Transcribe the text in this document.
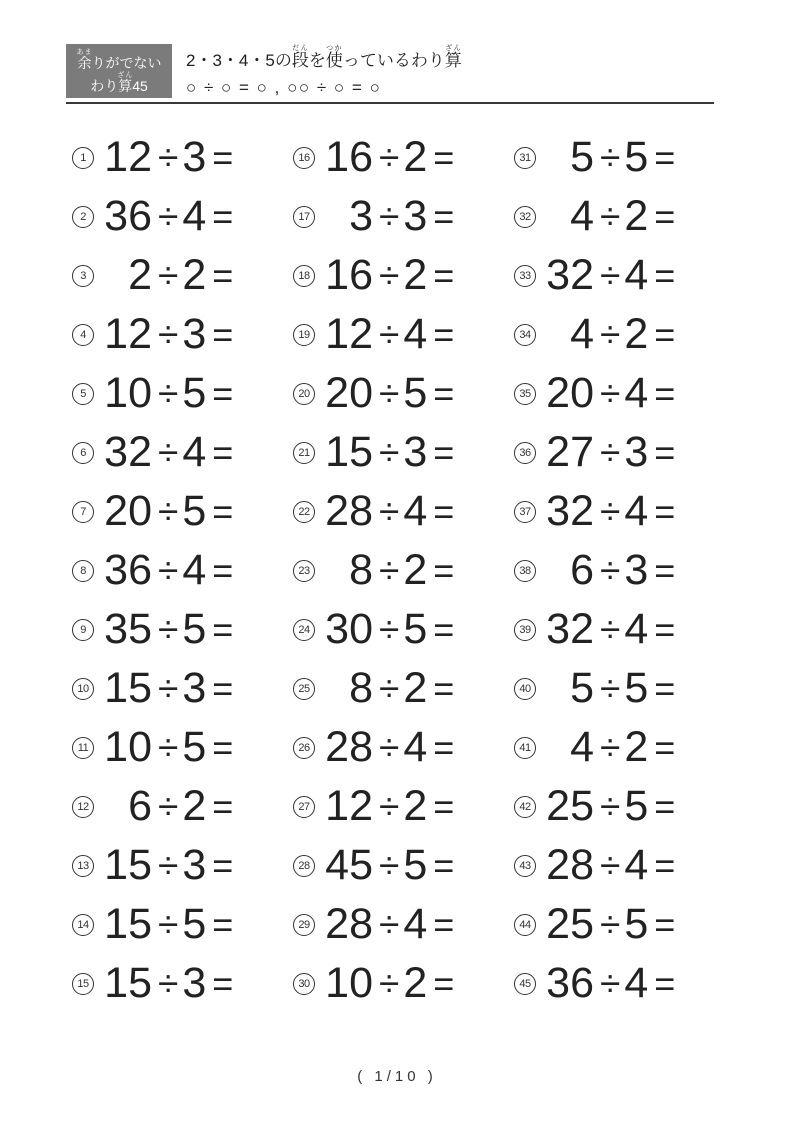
余あまりがでない
わり算ざん45
2・3・4・5の段だんを使つかっているわり算ざん
○ ÷ ○ = ○ , ○○ ÷ ○ = ○
1 12 ÷ 3 =
2 36 ÷ 4 =
3 2 ÷ 2 =
4 12 ÷ 3 =
5 10 ÷ 5 =
6 32 ÷ 4 =
7 20 ÷ 5 =
8 36 ÷ 4 =
9 35 ÷ 5 =
10 15 ÷ 3 =
11 10 ÷ 5 =
12 6 ÷ 2 =
13 15 ÷ 3 =
14 15 ÷ 5 =
15 15 ÷ 3 =
16 16 ÷ 2 =
17 3 ÷ 3 =
18 16 ÷ 2 =
19 12 ÷ 4 =
20 20 ÷ 5 =
21 15 ÷ 3 =
22 28 ÷ 4 =
23 8 ÷ 2 =
24 30 ÷ 5 =
25 8 ÷ 2 =
26 28 ÷ 4 =
27 12 ÷ 2 =
28 45 ÷ 5 =
29 28 ÷ 4 =
30 10 ÷ 2 =
31 5 ÷ 5 =
32 4 ÷ 2 =
33 32 ÷ 4 =
34 4 ÷ 2 =
35 20 ÷ 4 =
36 27 ÷ 3 =
37 32 ÷ 4 =
38 6 ÷ 3 =
39 32 ÷ 4 =
40 5 ÷ 5 =
41 4 ÷ 2 =
42 25 ÷ 5 =
43 28 ÷ 4 =
44 25 ÷ 5 =
45 36 ÷ 4 =
( 1/10 )
